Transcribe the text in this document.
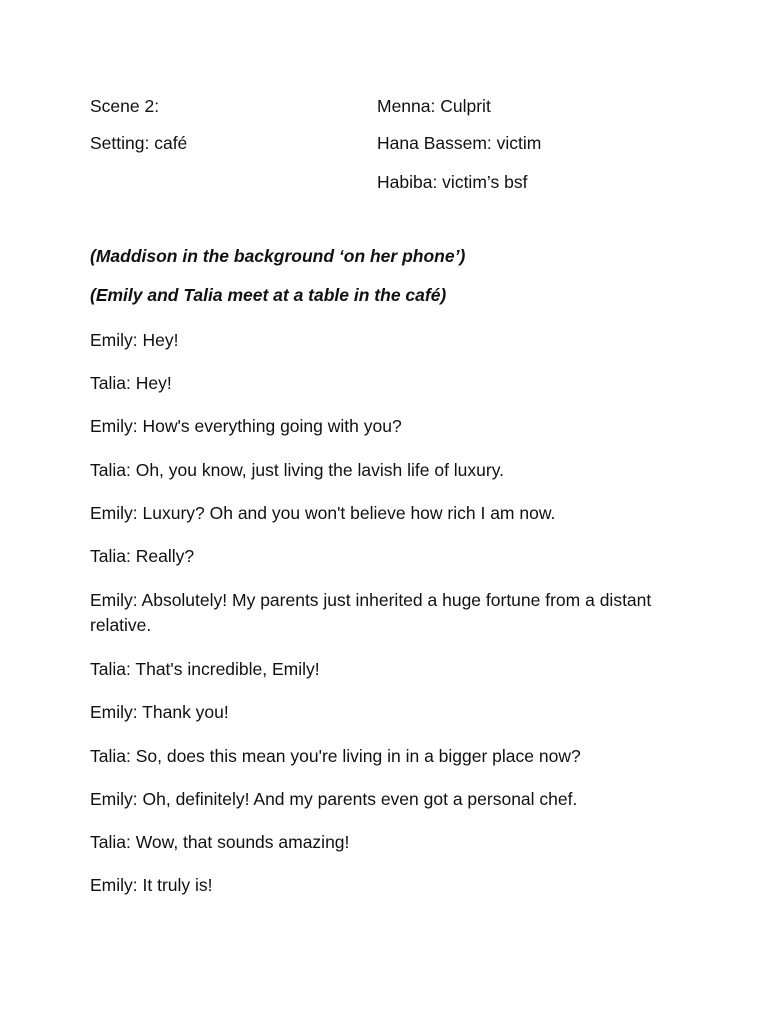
Scene 2:
Setting: café
Menna: Culprit
Hana Bassem: victim
Habiba: victim’s bsf
(Maddison in the background ‘on her phone’)
(Emily and Talia meet at a table in the café)
Emily: Hey!
Talia: Hey!
Emily: How's everything going with you?
Talia: Oh, you know, just living the lavish life of luxury.
Emily: Luxury? Oh and you won't believe how rich I am now.
Talia: Really?
Emily: Absolutely! My parents just inherited a huge fortune from a distant relative.
Talia: That's incredible, Emily!
Emily: Thank you!
Talia: So, does this mean you're living in in a bigger place now?
Emily: Oh, definitely! And my parents even got a personal chef.
Talia: Wow, that sounds amazing!
Emily: It truly is!
